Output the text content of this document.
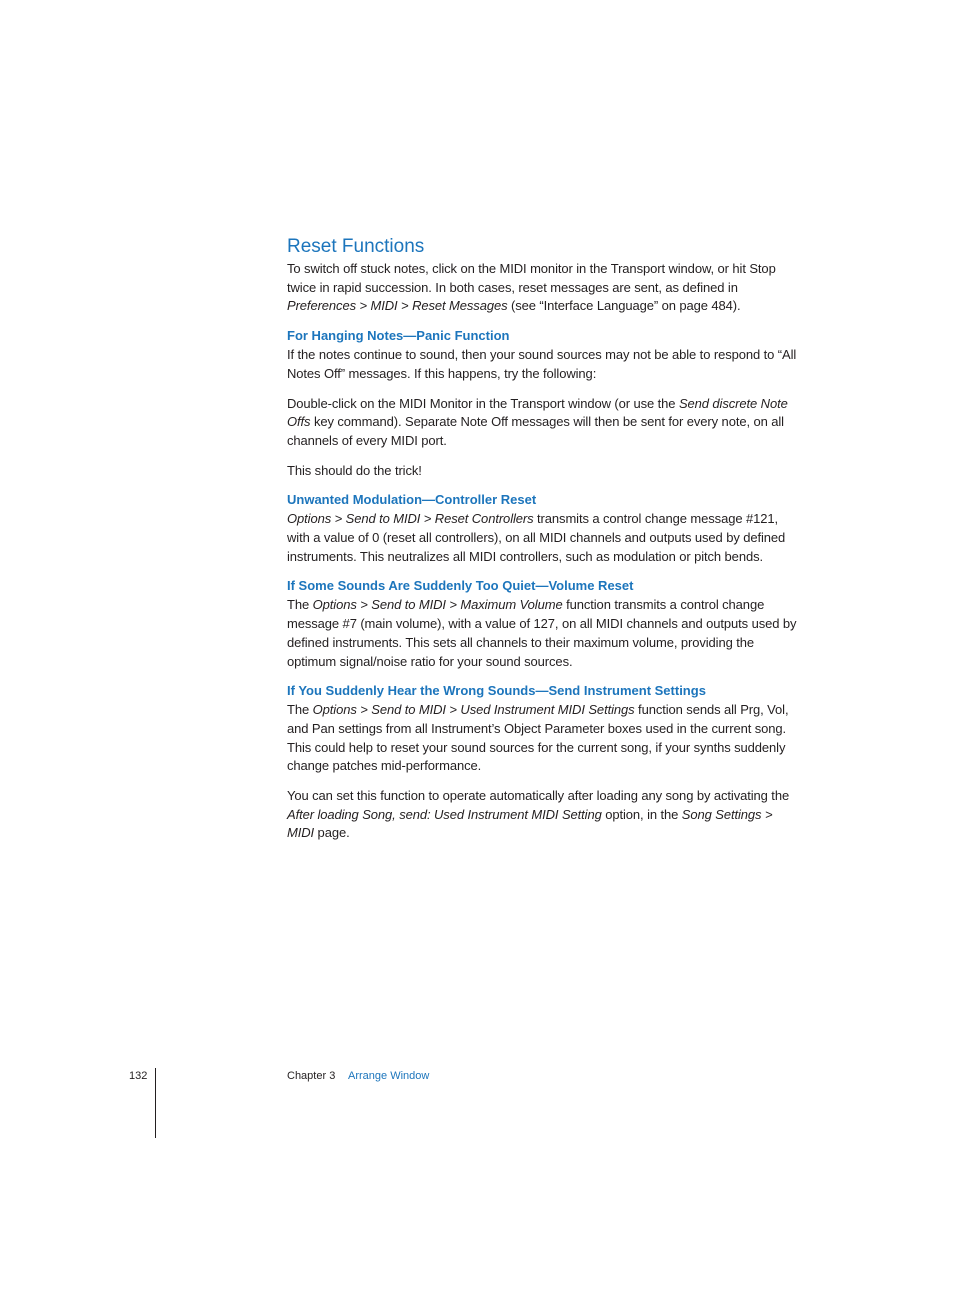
Reset Functions

To switch off stuck notes, click on the MIDI monitor in the Transport window, or hit Stop twice in rapid succession. In both cases, reset messages are sent, as defined in Preferences > MIDI > Reset Messages (see “Interface Language” on page 484).

For Hanging Notes—Panic Function

If the notes continue to sound, then your sound sources may not be able to respond to “All Notes Off” messages. If this happens, try the following:

Double-click on the MIDI Monitor in the Transport window (or use the Send discrete Note Offs key command). Separate Note Off messages will then be sent for every note, on all channels of every MIDI port.

This should do the trick!

Unwanted Modulation—Controller Reset

Options > Send to MIDI > Reset Controllers transmits a control change message #121, with a value of 0 (reset all controllers), on all MIDI channels and outputs used by defined instruments. This neutralizes all MIDI controllers, such as modulation or pitch bends.

If Some Sounds Are Suddenly Too Quiet—Volume Reset

The Options > Send to MIDI > Maximum Volume function transmits a control change message #7 (main volume), with a value of 127, on all MIDI channels and outputs used by defined instruments. This sets all channels to their maximum volume, providing the optimum signal/noise ratio for your sound sources.

If You Suddenly Hear the Wrong Sounds—Send Instrument Settings

The Options > Send to MIDI > Used Instrument MIDI Settings function sends all Prg, Vol, and Pan settings from all Instrument’s Object Parameter boxes used in the current song. This could help to reset your sound sources for the current song, if your synths suddenly change patches mid-performance.

You can set this function to operate automatically after loading any song by activating the After loading Song, send: Used Instrument MIDI Setting option, in the Song Settings > MIDI page.

132	Chapter 3 Arrange Window
